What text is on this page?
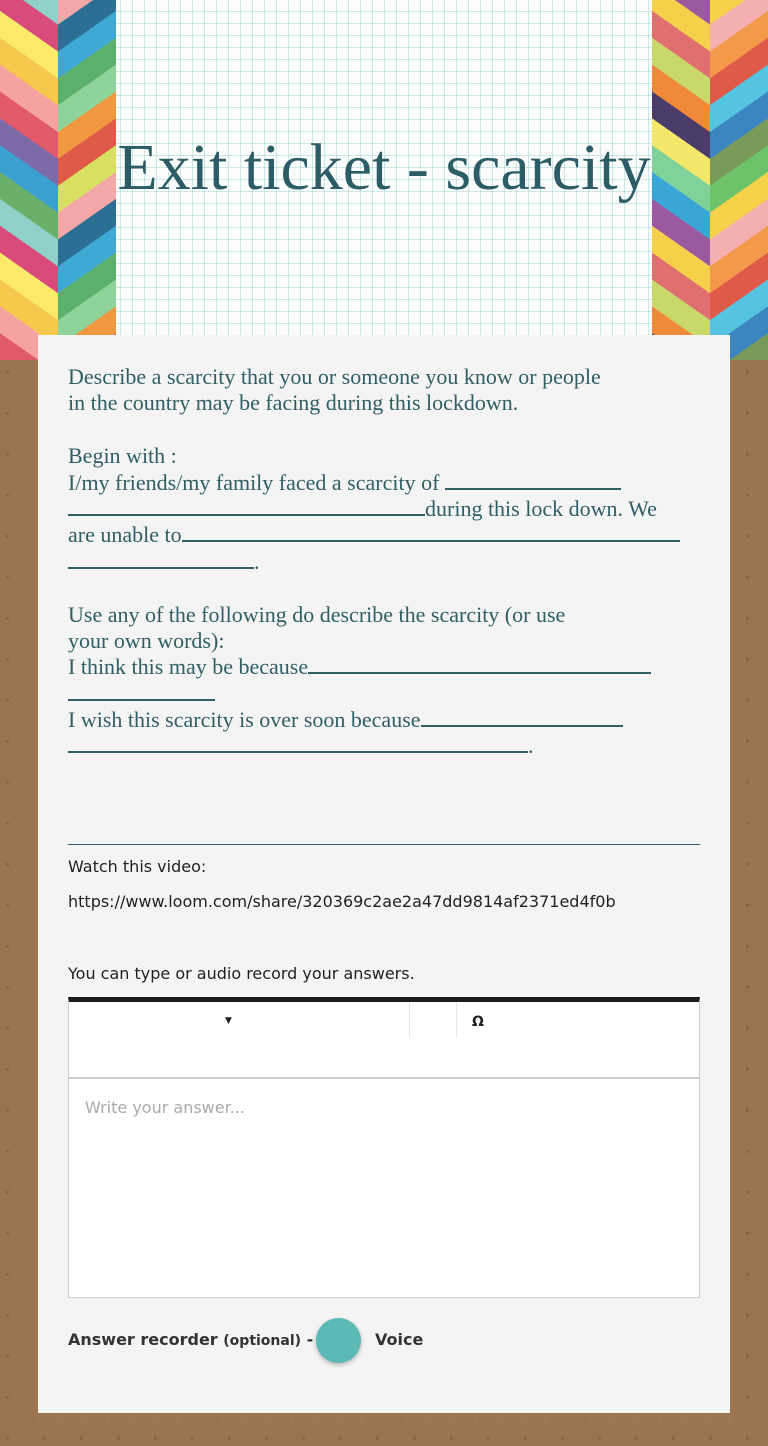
Exit ticket - scarcity
Describe a scarcity that you or someone you know or people
in the country may be facing during this lockdown.
Begin with :
I/my friends/my family faced a scarcity of
during this lock down. We
are unable to
.
Use any of the following do describe the scarcity (or use
your own words):
I think this may be because
I wish this scarcity is over soon because
.
Watch this video:
https://www.loom.com/share/320369c2ae2a47dd9814af2371ed4f0b
You can type or audio record your answers.
▼	Ω
Write your answer...
Answer recorder (optional) -	Voice
